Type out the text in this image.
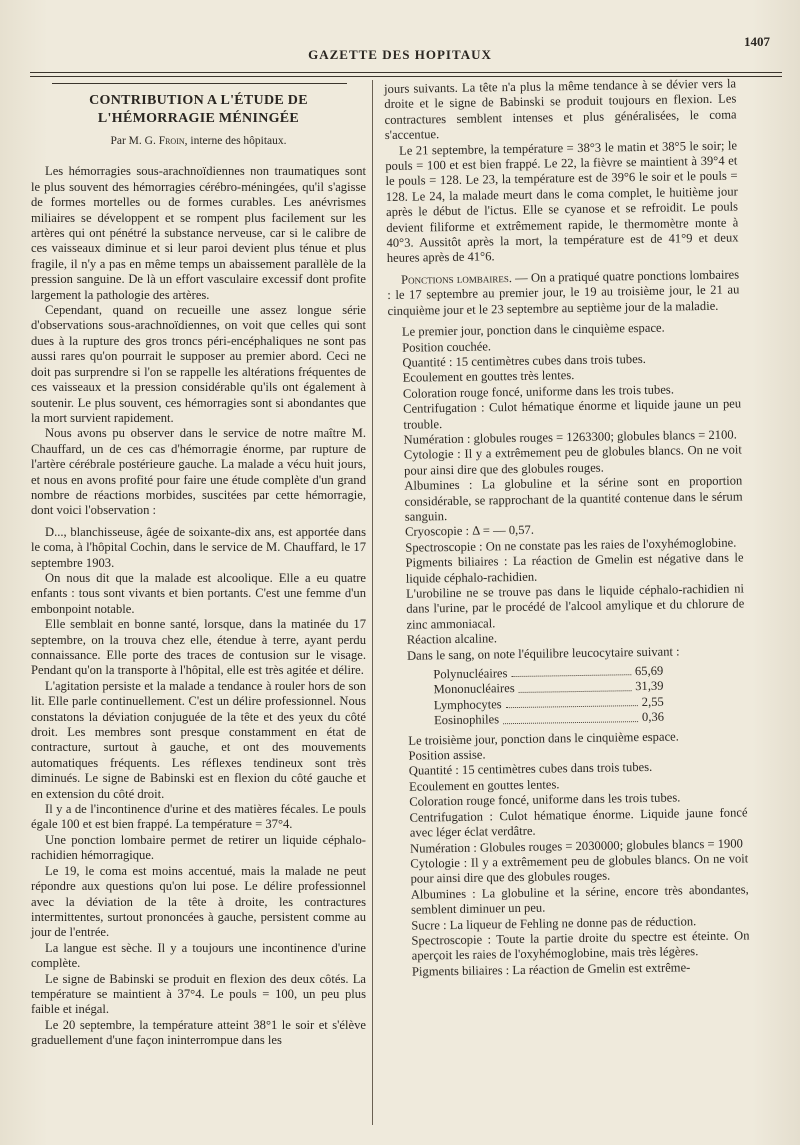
GAZETTE DES HOPITAUX
1407

CONTRIBUTION A L'ÉTUDE DE L'HÉMORRAGIE MÉNINGÉE

Par M. G. Froin, interne des hôpitaux.

Les hémorragies sous-arachnoïdiennes non traumatiques sont le plus souvent des hémorragies cérébro-méningées, qu'il s'agisse de formes mortelles ou de formes curables. Les anévrismes miliaires se développent et se rompent plus facilement sur les artères qui ont pénétré la substance nerveuse, car si le calibre de ces vaisseaux diminue et si leur paroi devient plus ténue et plus fragile, il n'y a pas en même temps un abaissement parallèle de la pression sanguine. De là un effort vasculaire excessif dont profite largement la pathologie des artères.

Cependant, quand on recueille une assez longue série d'observations sous-arachnoïdiennes, on voit que celles qui sont dues à la rupture des gros troncs péri-encéphaliques ne sont pas aussi rares qu'on pourrait le supposer au premier abord. Ceci ne doit pas surprendre si l'on se rappelle les altérations fréquentes de ces vaisseaux et la pression considérable qu'ils ont également à soutenir. Le plus souvent, ces hémorragies sont si abondantes que la mort survient rapidement.

Nous avons pu observer dans le service de notre maître M. Chauffard, un de ces cas d'hémorragie énorme, par rupture de l'artère cérébrale postérieure gauche. La malade a vécu huit jours, et nous en avons profité pour faire une étude complète d'un grand nombre de réactions morbides, suscitées par cette hémorragie, dont voici l'observation :

D..., blanchisseuse, âgée de soixante-dix ans, est apportée dans le coma, à l'hôpital Cochin, dans le service de M. Chauffard, le 17 septembre 1903.

On nous dit que la malade est alcoolique. Elle a eu quatre enfants : tous sont vivants et bien portants. C'est une femme d'un embonpoint notable.

Elle semblait en bonne santé, lorsque, dans la matinée du 17 septembre, on la trouva chez elle, étendue à terre, ayant perdu connaissance. Elle porte des traces de contusion sur le visage. Pendant qu'on la transporte à l'hôpital, elle est très agitée et délire.

L'agitation persiste et la malade a tendance à rouler hors de son lit. Elle parle continuellement. C'est un délire professionnel. Nous constatons la déviation conjuguée de la tête et des yeux du côté droit. Les membres sont presque constamment en état de contracture, surtout à gauche, et ont des mouvements automatiques fréquents. Les réflexes tendineux sont très diminués. Le signe de Babinski est en flexion du côté gauche et en extension du côté droit.

Il y a de l'incontinence d'urine et des matières fécales. Le pouls égale 100 et est bien frappé. La température = 37°4.

Une ponction lombaire permet de retirer un liquide céphalo-rachidien hémorragique.

Le 19, le coma est moins accentué, mais la malade ne peut répondre aux questions qu'on lui pose. Le délire professionnel avec la déviation de la tête à droite, les contractures intermittentes, surtout prononcées à gauche, persistent comme au jour de l'entrée.

La langue est sèche. Il y a toujours une incontinence d'urine complète.

Le signe de Babinski se produit en flexion des deux côtés. La température se maintient à 37°4. Le pouls = 100, un peu plus faible et inégal.

Le 20 septembre, la température atteint 38°1 le soir et s'élève graduellement d'une façon ininterrompue dans les

jours suivants. La tête n'a plus la même tendance à se dévier vers la droite et le signe de Babinski se produit toujours en flexion. Les contractures semblent intenses et plus généralisées, le coma s'accentue.

Le 21 septembre, la température = 38°3 le matin et 38°5 le soir; le pouls = 100 et est bien frappé. Le 22, la fièvre se maintient à 39°4 et le pouls = 128. Le 23, la température est de 39°6 le soir et le pouls = 128. Le 24, la malade meurt dans le coma complet, le huitième jour après le début de l'ictus. Elle se cyanose et se refroidit. Le pouls devient filiforme et extrêmement rapide, le thermomètre monte à 40°3. Aussitôt après la mort, la température est de 41°9 et deux heures après de 41°6.

Ponctions lombaires. — On a pratiqué quatre ponctions lombaires : le 17 septembre au premier jour, le 19 au troisième jour, le 21 au cinquième jour et le 23 septembre au septième jour de la maladie.

Le premier jour, ponction dans le cinquième espace.

Position couchée.

Quantité : 15 centimètres cubes dans trois tubes.

Ecoulement en gouttes très lentes.

Coloration rouge foncé, uniforme dans les trois tubes.

Centrifugation : Culot hématique énorme et liquide jaune un peu trouble.

Numération : globules rouges = 1263300; globules blancs = 2100.

Cytologie : Il y a extrêmement peu de globules blancs. On ne voit pour ainsi dire que des globules rouges.

Albumines : La globuline et la sérine sont en proportion considérable, se rapprochant de la quantité contenue dans le sérum sanguin.

Cryoscopie : Δ = — 0,57.

Spectroscopie : On ne constate pas les raies de l'oxyhémoglobine.

Pigments biliaires : La réaction de Gmelin est négative dans le liquide céphalo-rachidien.

L'urobiline ne se trouve pas dans le liquide céphalo-rachidien ni dans l'urine, par le procédé de l'alcool amylique et du chlorure de zinc ammoniacal.

Réaction alcaline.

Dans le sang, on note l'équilibre leucocytaire suivant :

Polynucléaires	65,69
Mononucléaires	31,39
Lymphocytes	2,55
Eosinophiles	0,36

Le troisième jour, ponction dans le cinquième espace.

Position assise.

Quantité : 15 centimètres cubes dans trois tubes.

Ecoulement en gouttes lentes.

Coloration rouge foncé, uniforme dans les trois tubes.

Centrifugation : Culot hématique énorme. Liquide jaune foncé avec léger éclat verdâtre.

Numération : Globules rouges = 2030000; globules blancs = 1900

Cytologie : Il y a extrêmement peu de globules blancs. On ne voit pour ainsi dire que des globules rouges.

Albumines : La globuline et la sérine, encore très abondantes, semblent diminuer un peu.

Sucre : La liqueur de Fehling ne donne pas de réduction.

Spectroscopie : Toute la partie droite du spectre est éteinte. On aperçoit les raies de l'oxyhémoglobine, mais très légères.

Pigments biliaires : La réaction de Gmelin est extrême-
